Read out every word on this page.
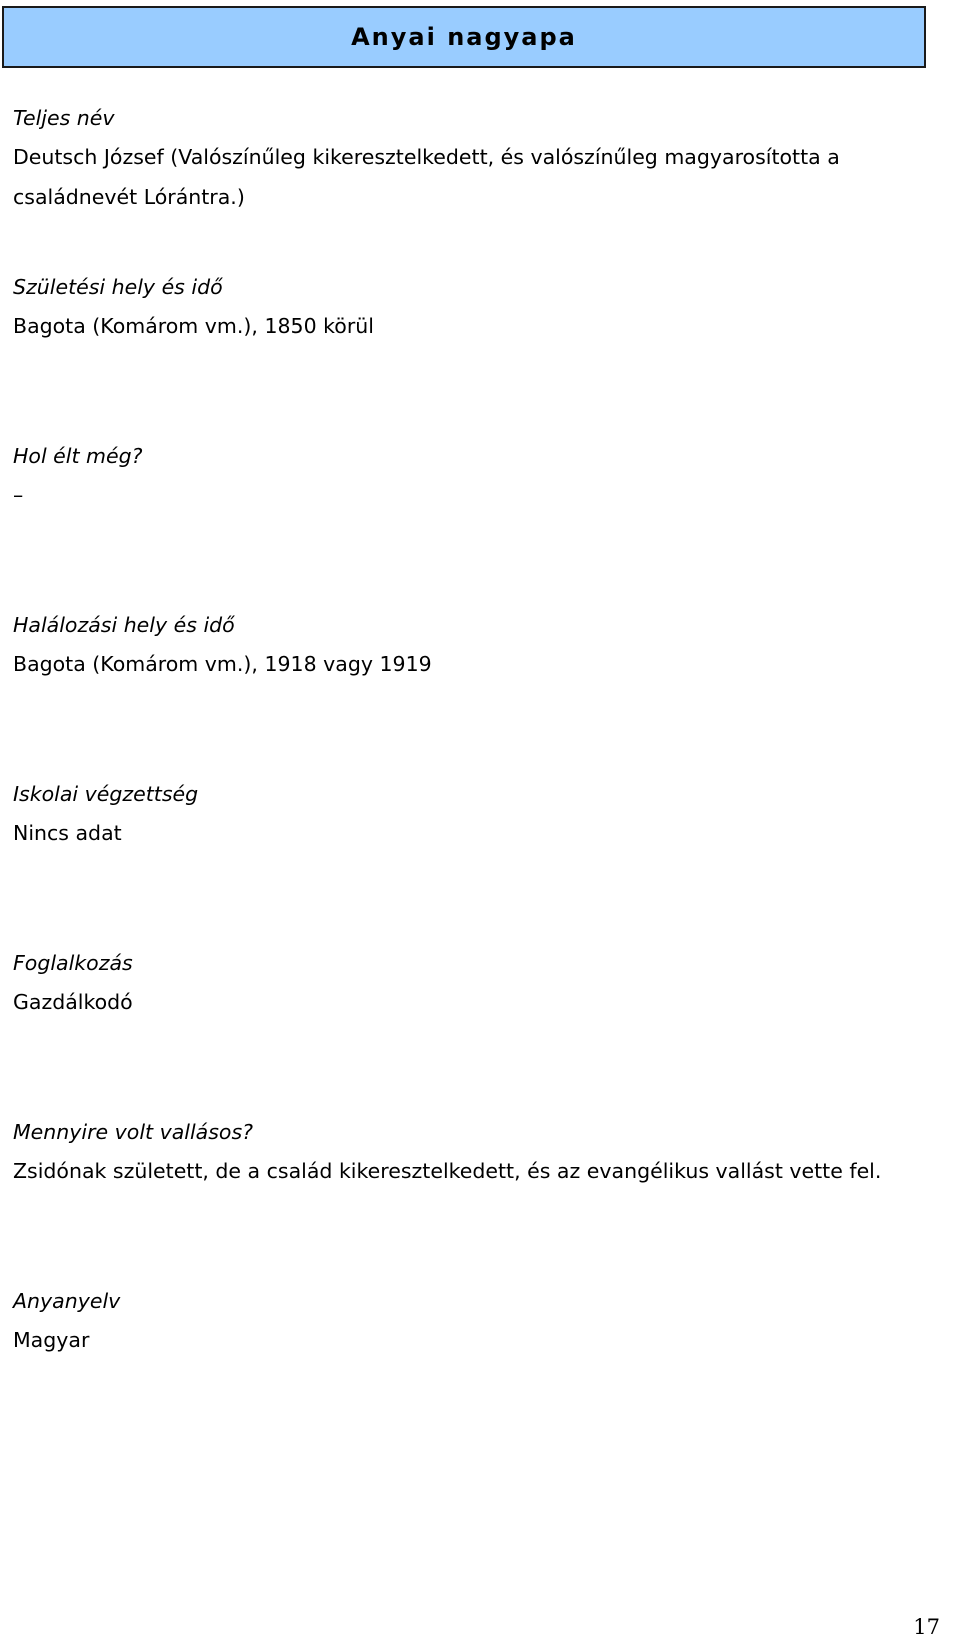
Anyai nagyapa
Teljes név
Deutsch József (Valószínűleg kikeresztelkedett, és valószínűleg magyarosította a családnevét Lórántra.)
Születési hely és idő
Bagota (Komárom vm.), 1850 körül
Hol élt még?
–
Halálozási hely és idő
Bagota (Komárom vm.), 1918 vagy 1919
Iskolai végzettség
Nincs adat
Foglalkozás
Gazdálkodó
Mennyire volt vallásos?
Zsidónak született, de a család kikeresztelkedett, és az evangélikus vallást vette fel.
Anyanyelv
Magyar
17
